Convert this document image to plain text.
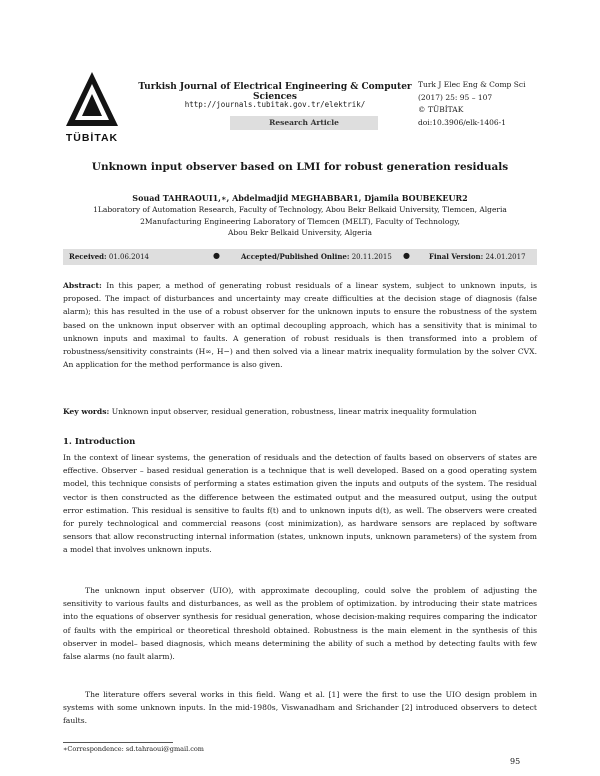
TÜBİTAK
Turkish Journal of Electrical Engineering & Computer Sciences
http://journals.tubitak.gov.tr/elektrik/
Research Article
Turk J Elec Eng & Comp Sci
(2017) 25: 95 – 107
© TÜBİTAK
doi:10.3906/elk-1406-1
Unknown input observer based on LMI for robust generation residuals
Souad TAHRAOUI1,∗, Abdelmadjid MEGHABBAR1, Djamila BOUBEKEUR2
1Laboratory of Automation Research, Faculty of Technology, Abou Bekr Belkaid University, Tlemcen, Algeria
2Manufacturing Engineering Laboratory of Tlemcen (MELT), Faculty of Technology,
Abou Bekr Belkaid University, Algeria
Received: 01.06.2014	●	Accepted/Published Online: 20.11.2015 ●	Final Version: 24.01.2017
Abstract: In this paper, a method of generating robust residuals of a linear system, subject to unknown inputs, is proposed. The impact of disturbances and uncertainty may create difficulties at the decision stage of diagnosis (false alarm); this has resulted in the use of a robust observer for the unknown inputs to ensure the robustness of the system based on the unknown input observer with an optimal decoupling approach, which has a sensitivity that is minimal to unknown inputs and maximal to faults. A generation of robust residuals is then transformed into a problem of robustness/sensitivity constraints (H∞, H−) and then solved via a linear matrix inequality formulation by the solver CVX. An application for the method performance is also given.
Key words: Unknown input observer, residual generation, robustness, linear matrix inequality formulation
1. Introduction
In the context of linear systems, the generation of residuals and the detection of faults based on observers of states are effective. Observer – based residual generation is a technique that is well developed. Based on a good operating system model, this technique consists of performing a states estimation given the inputs and outputs of the system. The residual vector is then constructed as the difference between the estimated output and the measured output, using the output error estimation. This residual is sensitive to faults f(t) and to unknown inputs d(t), as well. The observers were created for purely technological and commercial reasons (cost minimization), as hardware sensors are replaced by software sensors that allow reconstructing internal information (states, unknown inputs, unknown parameters) of the system from a model that involves unknown inputs.
The unknown input observer (UIO), with approximate decoupling, could solve the problem of adjusting the sensitivity to various faults and disturbances, as well as the problem of optimization. by introducing their state matrices into the equations of observer synthesis for residual generation, whose decision-making requires comparing the indicator of faults with the empirical or theoretical threshold obtained. Robustness is the main element in the synthesis of this observer in model– based diagnosis, which means determining the ability of such a method by detecting faults with few false alarms (no fault alarm).
The literature offers several works in this field. Wang et al. [1] were the first to use the UIO design problem in systems with some unknown inputs. In the mid-1980s, Viswanadham and Srichander [2] introduced observers to detect faults.
∗Correspondence: sd.tahraoui@gmail.com
95
